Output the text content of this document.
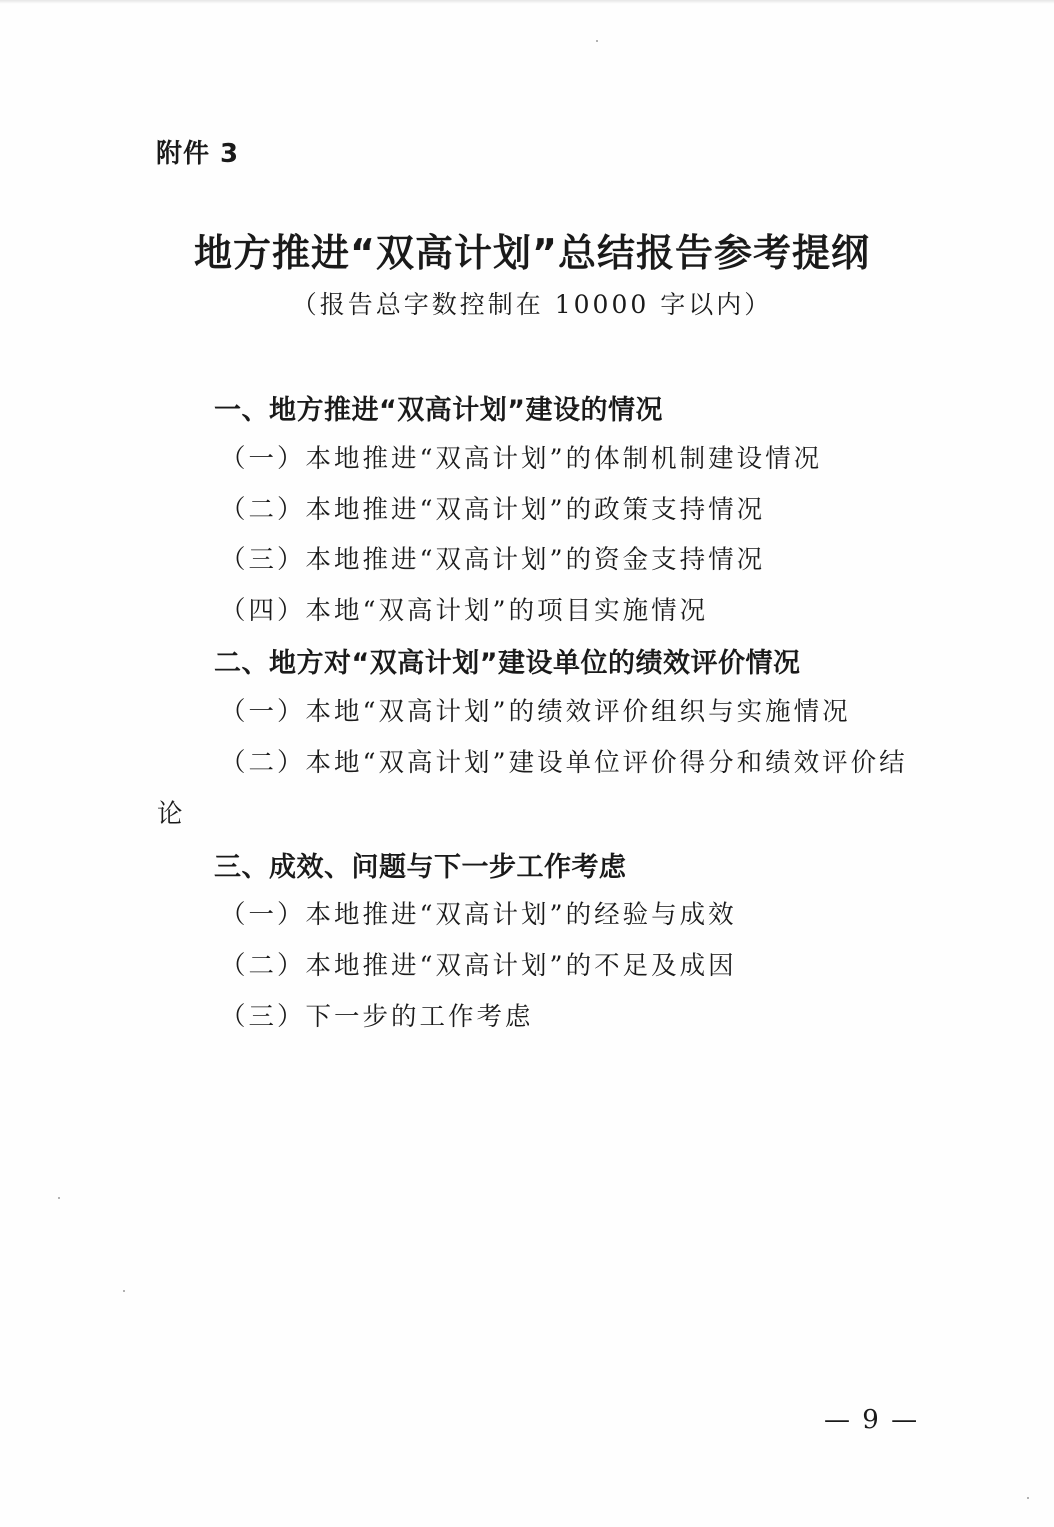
附件 3
地方推进“双高计划”总结报告参考提纲
（报告总字数控制在 10000 字以内）
一、地方推进“双高计划”建设的情况
（一）本地推进“双高计划”的体制机制建设情况
（二）本地推进“双高计划”的政策支持情况
（三）本地推进“双高计划”的资金支持情况
（四）本地“双高计划”的项目实施情况
二、地方对“双高计划”建设单位的绩效评价情况
（一）本地“双高计划”的绩效评价组织与实施情况
（二）本地“双高计划”建设单位评价得分和绩效评价结
论
三、成效、问题与下一步工作考虑
（一）本地推进“双高计划”的经验与成效
（二）本地推进“双高计划”的不足及成因
（三）下一步的工作考虑
— 9 —
